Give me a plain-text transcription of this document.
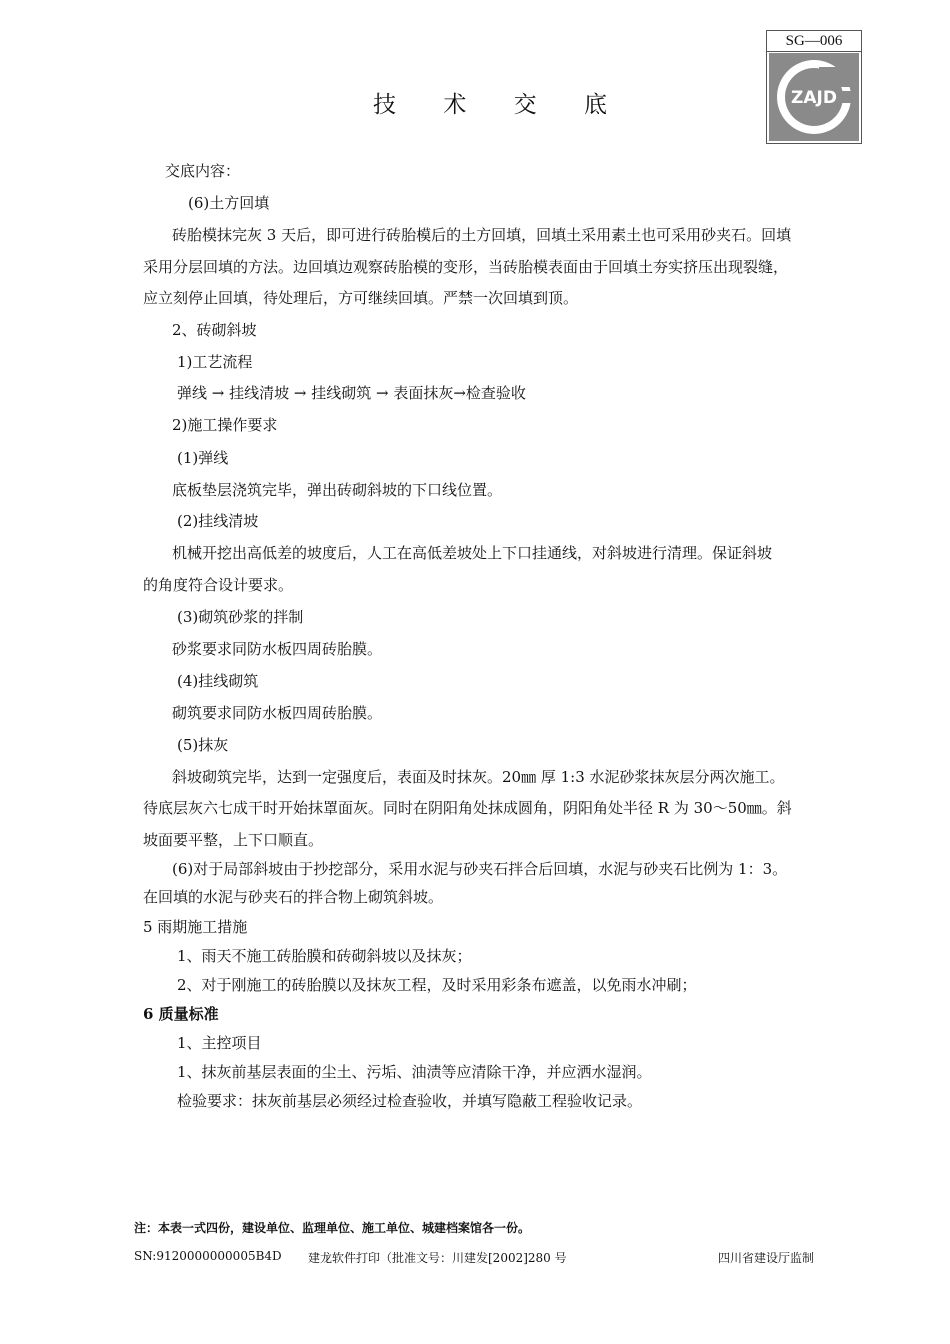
技 术 交 底
SG—006
ZAJD
交底内容：
(6)土方回填
砖胎模抹完灰 3 天后，即可进行砖胎模后的土方回填，回填土采用素土也可采用砂夹石。回填
采用分层回填的方法。边回填边观察砖胎模的变形，当砖胎模表面由于回填土夯实挤压出现裂缝，
应立刻停止回填，待处理后，方可继续回填。严禁一次回填到顶。
2、砖砌斜坡
1)工艺流程
弹线 → 挂线清坡 → 挂线砌筑 → 表面抹灰→检查验收
2)施工操作要求
(1)弹线
底板垫层浇筑完毕，弹出砖砌斜坡的下口线位置。
(2)挂线清坡
机械开挖出高低差的坡度后，人工在高低差坡处上下口挂通线，对斜坡进行清理。保证斜坡
的角度符合设计要求。
(3)砌筑砂浆的拌制
砂浆要求同防水板四周砖胎膜。
(4)挂线砌筑
砌筑要求同防水板四周砖胎膜。
(5)抹灰
斜坡砌筑完毕，达到一定强度后，表面及时抹灰。20㎜ 厚 1:3 水泥砂浆抹灰层分两次施工。
待底层灰六七成干时开始抹罩面灰。同时在阴阳角处抹成圆角，阴阳角处半径 R 为 30～50㎜。斜
坡面要平整，上下口顺直。
(6)对于局部斜坡由于抄挖部分，采用水泥与砂夹石拌合后回填，水泥与砂夹石比例为 1：3。
在回填的水泥与砂夹石的拌合物上砌筑斜坡。
5 雨期施工措施
1、雨天不施工砖胎膜和砖砌斜坡以及抹灰；
2、对于刚施工的砖胎膜以及抹灰工程，及时采用彩条布遮盖，以免雨水冲刷；
6 质量标准
1、主控项目
1、抹灰前基层表面的尘土、污垢、油渍等应清除干净，并应洒水湿润。
检验要求：抹灰前基层必须经过检查验收，并填写隐蔽工程验收记录。
注：本表一式四份，建设单位、监理单位、施工单位、城建档案馆各一份。
SN:9120000000005B4D 建龙软件打印（批准文号：川建发[2002]280 号	四川省建设厅监制
